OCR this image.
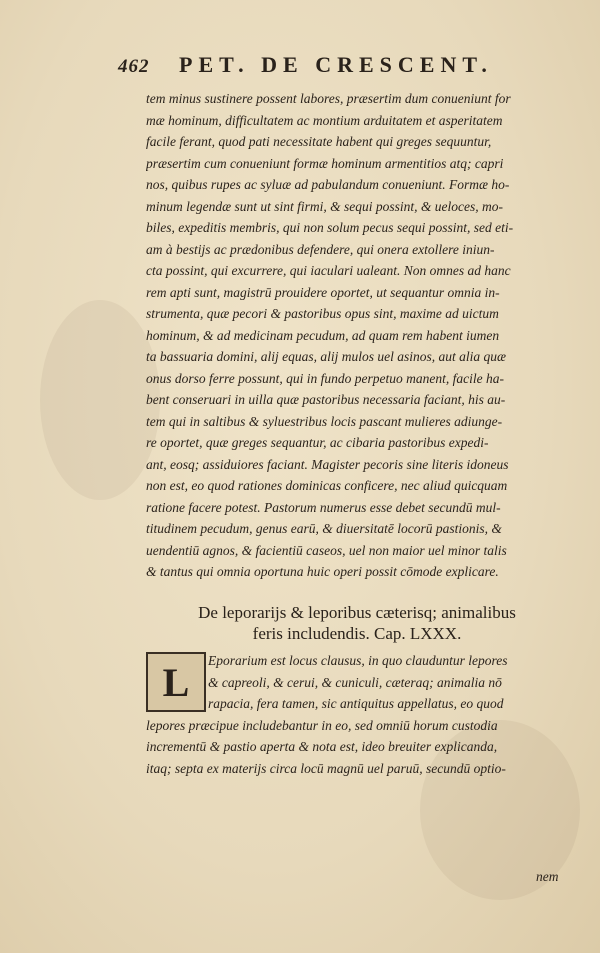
462 PET. DE CRESCENT.
tem minus sustinere possent labores, præsertim dum conueniunt for
mæ hominum, difficultatem ac montium arduitatem et asperitatem
facile ferant, quod pati necessitate habent qui greges sequuntur,
præsertim cum conueniunt formæ hominum armentitios atq; capri
nos, quibus rupes ac syluæ ad pabulandum conueniunt. Formæ ho-
minum legendæ sunt ut sint firmi, & sequi possint, & ueloces, mo-
biles, expeditis membris, qui non solum pecus sequi possint, sed eti-
am à bestijs ac prædonibus defendere, qui onera extollere iniun-
cta possint, qui excurrere, qui iaculari ualeant. Non omnes ad hanc
rem apti sunt, magistrū prouidere oportet, ut sequantur omnia in-
strumenta, quæ pecori & pastoribus opus sint, maxime ad uictum
hominum, & ad medicinam pecudum, ad quam rem habent iumen
ta bassuaria domini, alij equas, alij mulos uel asinos, aut alia quæ
onus dorso ferre possunt, qui in fundo perpetuo manent, facile ha-
bent conseruari in uilla quæ pastoribus necessaria faciant, his au-
tem qui in saltibus & syluestribus locis pascant mulieres adiunge-
re oportet, quæ greges sequantur, ac cibaria pastoribus expedi-
ant, eosq; assiduiores faciant. Magister pecoris sine literis idoneus
non est, eo quod rationes dominicas conficere, nec aliud quicquam
ratione facere potest. Pastorum numerus esse debet secundū mul-
titudinem pecudum, genus earū, & diuersitatē locorū pastionis, &
uendentiū agnos, & facientiū caseos, uel non maior uel minor talis
& tantus qui omnia oportuna huic operi possit cōmode explicare.
De leporarijs & leporibus cæterisq; animalibus
feris includendis. Cap. LXXX.
L	Eporarium est locus clausus, in quo clauduntur lepores
& capreoli, & cerui, & cuniculi, cæteraq; animalia nō
rapacia, fera tamen, sic antiquitus appellatus, eo quod
lepores præcipue includebantur in eo, sed omniū horum custodia
incrementū & pastio aperta & nota est, ideo breuiter explicanda,
itaq; septa ex materijs circa locū magnū uel paruū, secundū optio-
nem
